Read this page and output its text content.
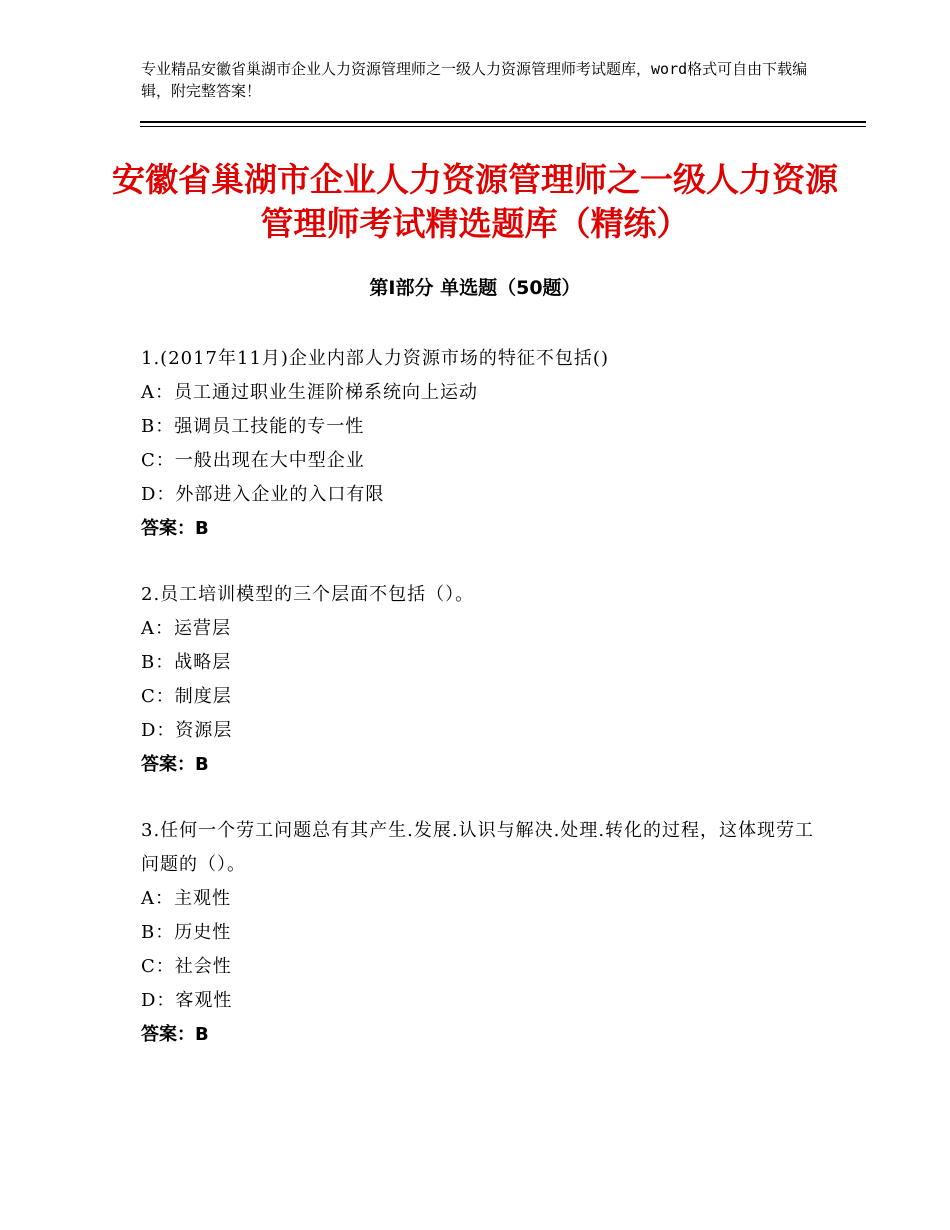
专业精品安徽省巢湖市企业人力资源管理师之一级人力资源管理师考试题库，word格式可自由下载编辑，附完整答案！
安徽省巢湖市企业人力资源管理师之一级人力资源管理师考试精选题库（精练）
第Ⅰ部分 单选题（50题）
1.(2017年11月)企业内部人力资源市场的特征不包括()
A：员工通过职业生涯阶梯系统向上运动
B：强调员工技能的专一性
C：一般出现在大中型企业
D：外部进入企业的入口有限
答案：B
2.员工培训模型的三个层面不包括（）。
A：运营层
B：战略层
C：制度层
D：资源层
答案：B
3.任何一个劳工问题总有其产生.发展.认识与解决.处理.转化的过程，这体现劳工问题的（）。
A：主观性
B：历史性
C：社会性
D：客观性
答案：B
